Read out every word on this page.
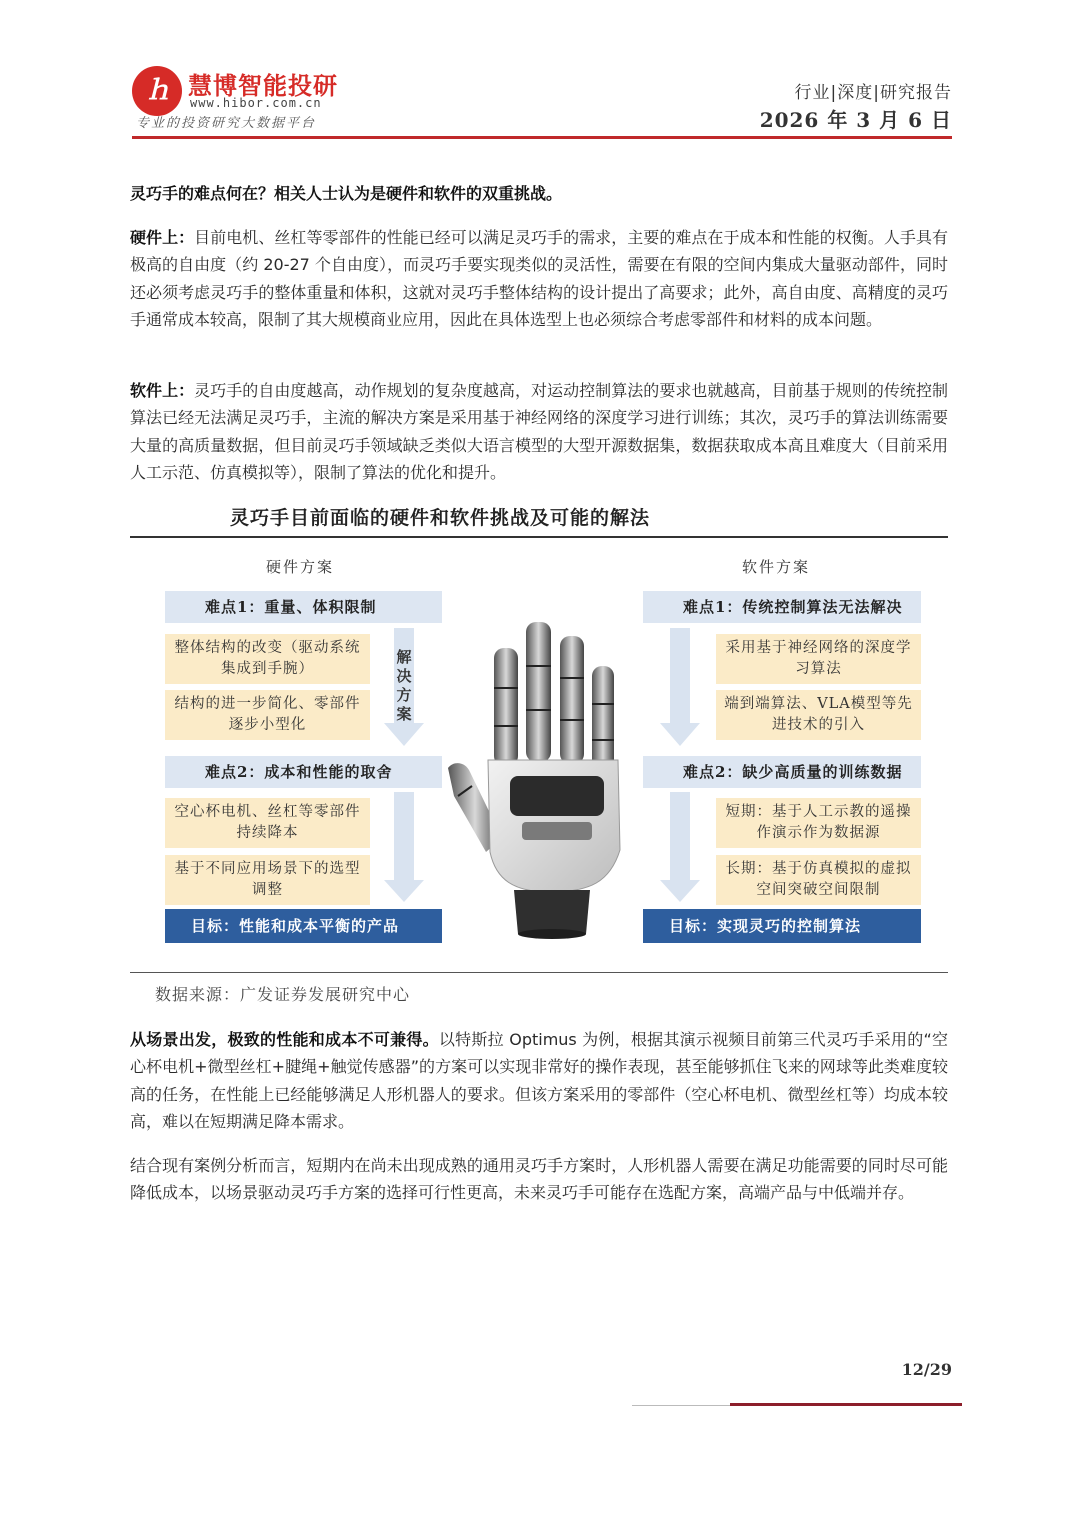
ｈ 慧博智能投研
www.hibor.com.cn
专业的投资研究大数据平台
行业|深度|研究报告
2026 年 3 月 6 日

灵巧手的难点何在？相关人士认为是硬件和软件的双重挑战。

硬件上：目前电机、丝杠等零部件的性能已经可以满足灵巧手的需求，主要的难点在于成本和性能的权衡。人手具有极高的自由度（约 20-27 个自由度），而灵巧手要实现类似的灵活性，需要在有限的空间内集成大量驱动部件，同时还必须考虑灵巧手的整体重量和体积，这就对灵巧手整体结构的设计提出了高要求；此外，高自由度、高精度的灵巧手通常成本较高，限制了其大规模商业应用，因此在具体选型上也必须综合考虑零部件和材料的成本问题。

软件上：灵巧手的自由度越高，动作规划的复杂度越高，对运动控制算法的要求也就越高，目前基于规则的传统控制算法已经无法满足灵巧手，主流的解决方案是采用基于神经网络的深度学习进行训练；其次，灵巧手的算法训练需要大量的高质量数据，但目前灵巧手领域缺乏类似大语言模型的大型开源数据集，数据获取成本高且难度大（目前采用人工示范、仿真模拟等），限制了算法的优化和提升。

灵巧手目前面临的硬件和软件挑战及可能的解法
硬件方案
难点1：重量、体积限制
整体结构的改变（驱动系统集成到手腕）
结构的进一步简化、零部件逐步小型化
难点2：成本和性能的取舍
空心杯电机、丝杠等零部件持续降本
基于不同应用场景下的选型调整
目标：性能和成本平衡的产品
解
决
方
案
软件方案
难点1：传统控制算法无法解决
采用基于神经网络的深度学习算法
端到端算法、VLA模型等先进技术的引入
难点2：缺少高质量的训练数据
短期：基于人工示教的遥操作演示作为数据源
长期：基于仿真模拟的虚拟空间突破空间限制
目标：实现灵巧的控制算法
数据来源：广发证券发展研究中心

从场景出发，极致的性能和成本不可兼得。以特斯拉 Optimus 为例，根据其演示视频目前第三代灵巧手采用的“空心杯电机+微型丝杠+腱绳+触觉传感器”的方案可以实现非常好的操作表现，甚至能够抓住飞来的网球等此类难度较高的任务，在性能上已经能够满足人形机器人的要求。但该方案采用的零部件（空心杯电机、微型丝杠等）均成本较高，难以在短期满足降本需求。

结合现有案例分析而言，短期内在尚未出现成熟的通用灵巧手方案时，人形机器人需要在满足功能需要的同时尽可能降低成本，以场景驱动灵巧手方案的选择可行性更高，未来灵巧手可能存在选配方案，高端产品与中低端并存。

12/29
